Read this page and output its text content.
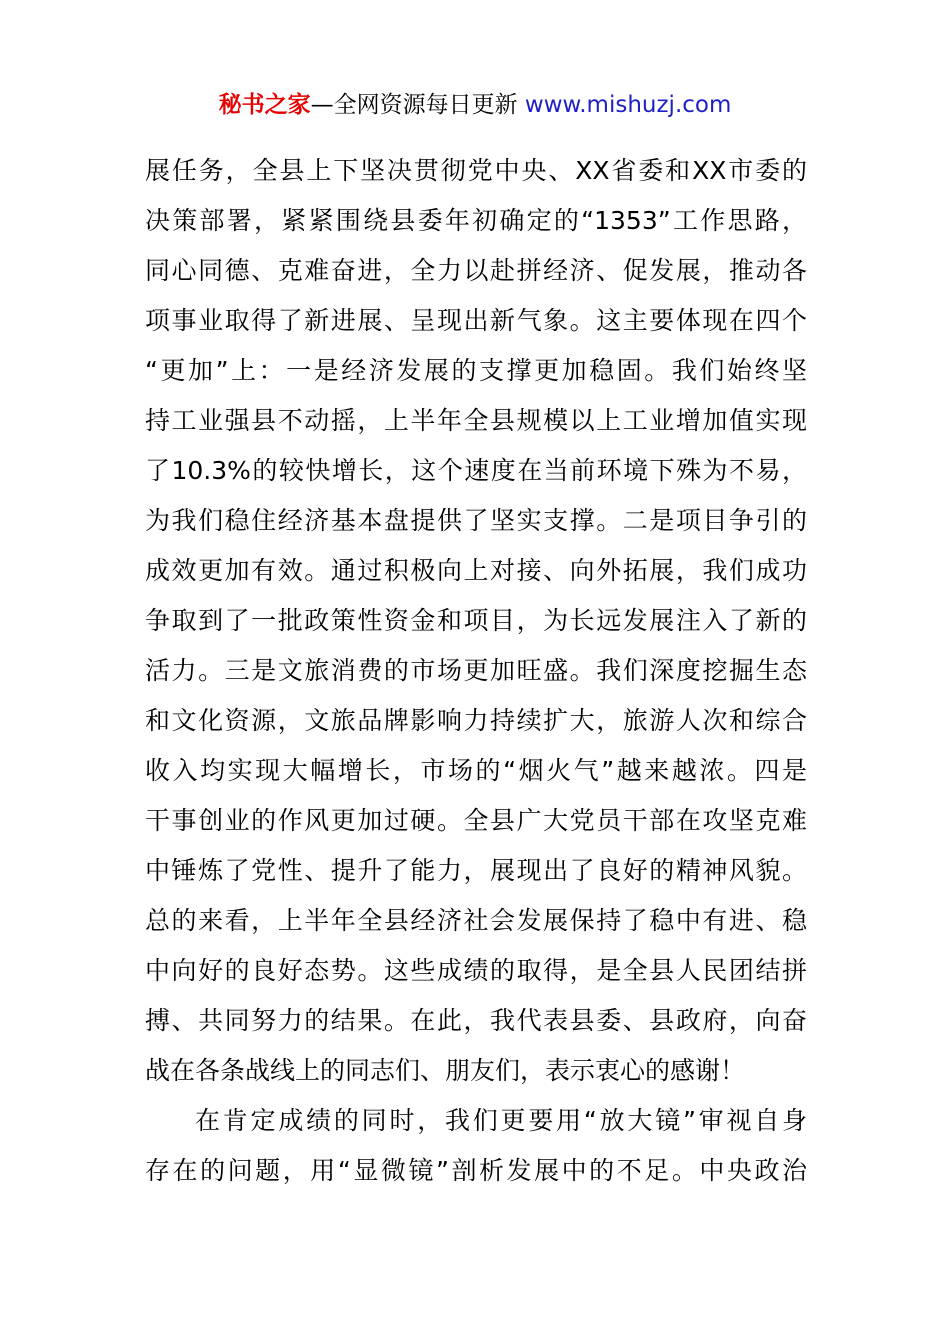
秘书之家—全网资源每日更新 www.mishuzj.com
展任务，全县上下坚决贯彻党中央、XX省委和XX市委的
决策部署，紧紧围绕县委年初确定的“1353”工作思路，
同心同德、克难奋进，全力以赴拼经济、促发展，推动各
项事业取得了新进展、呈现出新气象。这主要体现在四个
“更加”上：一是经济发展的支撑更加稳固。我们始终坚
持工业强县不动摇，上半年全县规模以上工业增加值实现
了10.3%的较快增长，这个速度在当前环境下殊为不易，
为我们稳住经济基本盘提供了坚实支撑。二是项目争引的
成效更加有效。通过积极向上对接、向外拓展，我们成功
争取到了一批政策性资金和项目，为长远发展注入了新的
活力。三是文旅消费的市场更加旺盛。我们深度挖掘生态
和文化资源，文旅品牌影响力持续扩大，旅游人次和综合
收入均实现大幅增长，市场的“烟火气”越来越浓。四是
干事创业的作风更加过硬。全县广大党员干部在攻坚克难
中锤炼了党性、提升了能力，展现出了良好的精神风貌。
总的来看，上半年全县经济社会发展保持了稳中有进、稳
中向好的良好态势。这些成绩的取得，是全县人民团结拼
搏、共同努力的结果。在此，我代表县委、县政府，向奋
战在各条战线上的同志们、朋友们，表示衷心的感谢！
在肯定成绩的同时，我们更要用“放大镜”审视自身
存在的问题，用“显微镜”剖析发展中的不足。中央政治
